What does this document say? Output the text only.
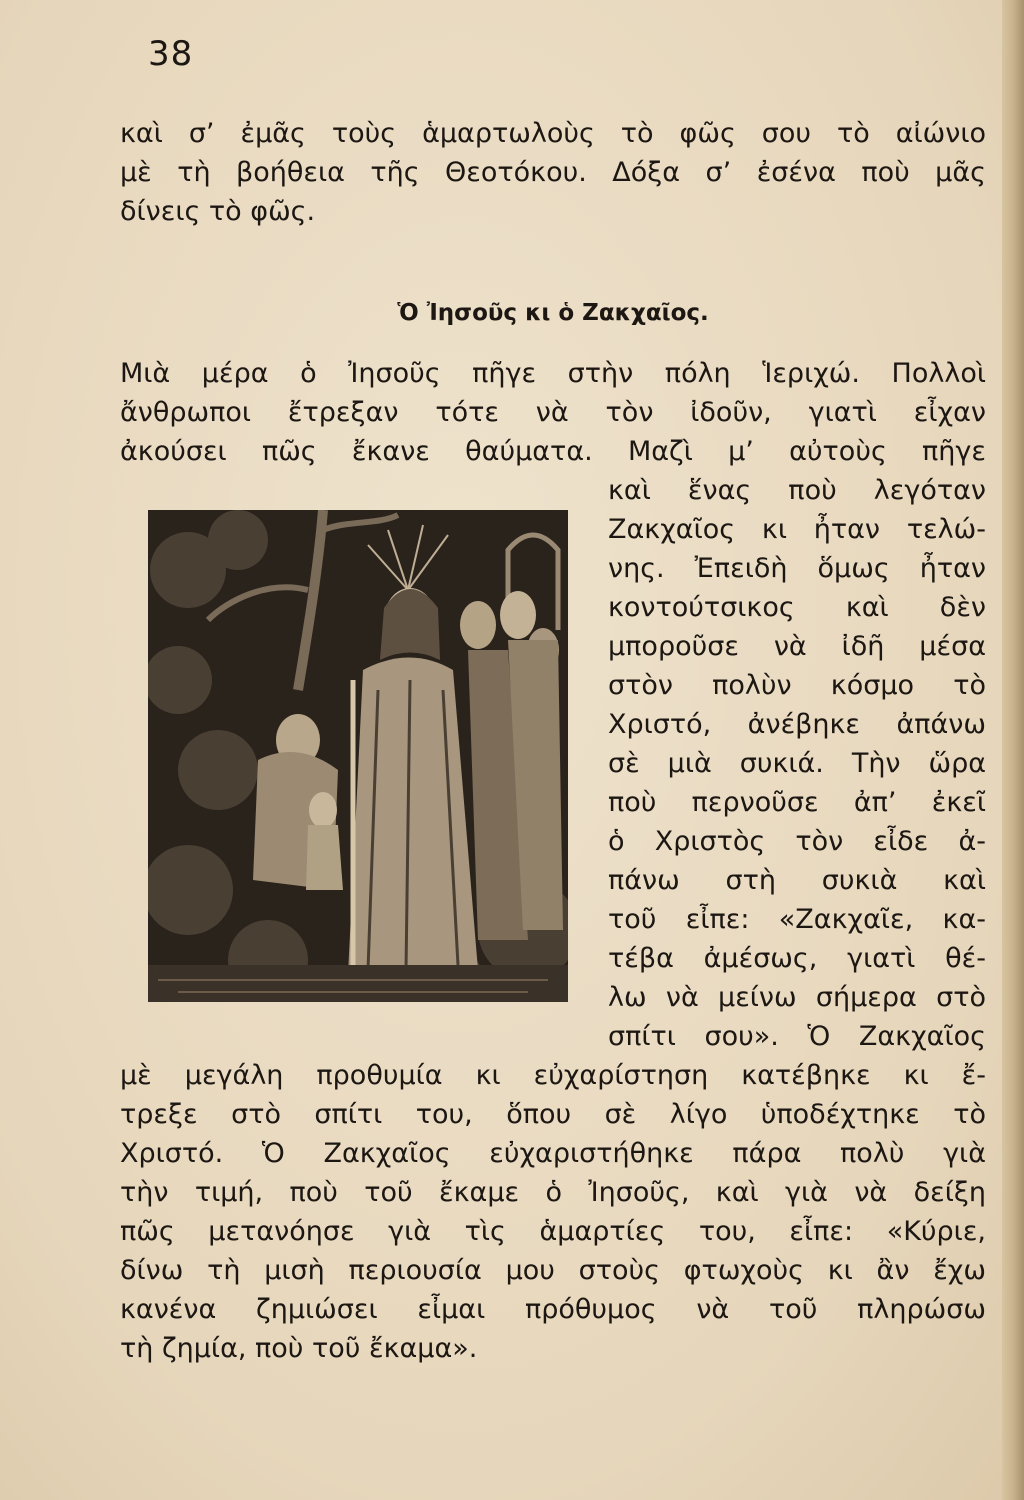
38
καὶ σ’ ἐμᾶς τοὺς ἁμαρτωλοὺς τὸ φῶς σου τὸ αἰώνιο
μὲ τὴ βοήθεια τῆς Θεοτόκου. Δόξα σ’ ἐσένα ποὺ μᾶς
δίνεις τὸ φῶς.
Ὁ Ἰησοῦς κι ὁ Ζακχαῖος.
Μιὰ μέρα ὁ Ἰησοῦς πῆγε στὴν πόλη Ἱεριχώ. Πολλοὶ
ἄνθρωποι ἔτρεξαν τότε νὰ τὸν ἰδοῦν, γιατὶ εἶχαν
ἀκούσει πῶς ἔκανε θαύματα. Μαζὶ μ’ αὐτοὺς πῆγε
καὶ ἕνας ποὺ λεγόταν
Ζακχαῖος κι ἦταν τελώ-
νης. Ἐπειδὴ ὅμως ἦταν
κοντούτσικος καὶ δὲν
μποροῦσε νὰ ἰδῆ μέσα
στὸν πολὺν κόσμο τὸ
Χριστό, ἀνέβηκε ἀπάνω
σὲ μιὰ συκιά. Τὴν ὥρα
ποὺ περνοῦσε ἀπ’ ἐκεῖ
ὁ Χριστὸς τὸν εἶδε ἀ-
πάνω στὴ συκιὰ καὶ
τοῦ εἶπε: «Ζακχαῖε, κα-
τέβα ἀμέσως, γιατὶ θέ-
λω νὰ μείνω σήμερα στὸ
σπίτι σου». Ὁ Ζακχαῖος
μὲ μεγάλη προθυμία κι εὐχαρίστηση κατέβηκε κι ἔ-
τρεξε στὸ σπίτι του, ὅπου σὲ λίγο ὑποδέχτηκε τὸ
Χριστό. Ὁ Ζακχαῖος εὐχαριστήθηκε πάρα πολὺ γιὰ
τὴν τιμή, ποὺ τοῦ ἔκαμε ὁ Ἰησοῦς, καὶ γιὰ νὰ δείξη
πῶς μετανόησε γιὰ τὶς ἁμαρτίες του, εἶπε: «Κύριε,
δίνω τὴ μισὴ περιουσία μου στοὺς φτωχοὺς κι ἂν ἔχω
κανένα ζημιώσει εἶμαι πρόθυμος νὰ τοῦ πληρώσω
τὴ ζημία, ποὺ τοῦ ἔκαμα».
